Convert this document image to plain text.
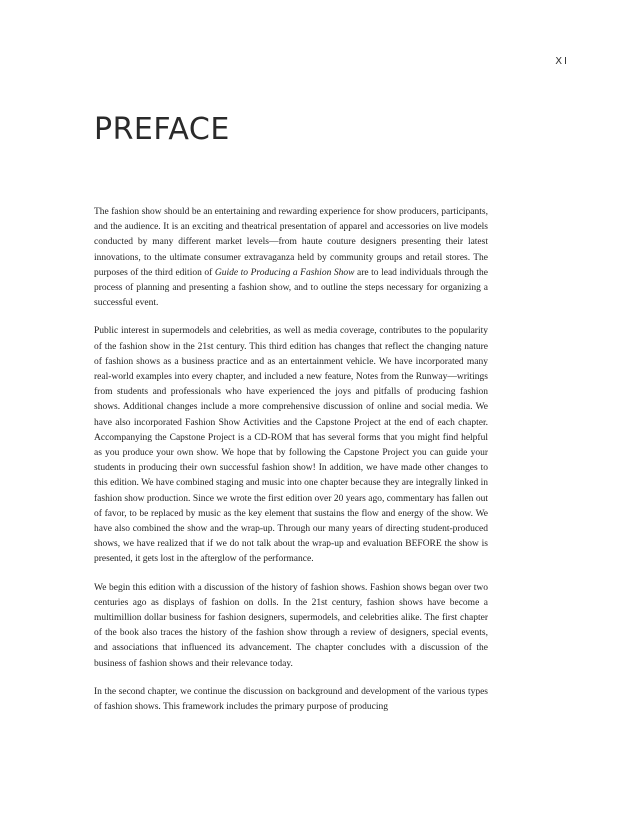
XI
PREFACE

The fashion show should be an entertaining and rewarding experience for show producers, participants, and the audience. It is an exciting and theatrical presentation of apparel and accessories on live models conducted by many different market levels—from haute couture designers presenting their latest innovations, to the ultimate consumer extravaganza held by community groups and retail stores. The purposes of the third edition of Guide to Producing a Fashion Show are to lead individuals through the process of planning and presenting a fashion show, and to outline the steps necessary for organizing a successful event.

Public interest in supermodels and celebrities, as well as media coverage, contributes to the popularity of the fashion show in the 21st century. This third edition has changes that reflect the changing nature of fashion shows as a business practice and as an entertainment vehicle. We have incorporated many real-world examples into every chapter, and included a new feature, Notes from the Runway—writings from students and professionals who have experienced the joys and pitfalls of producing fashion shows. Additional changes include a more comprehensive discussion of online and social media. We have also incorporated Fashion Show Activities and the Capstone Project at the end of each chapter. Accompanying the Capstone Project is a CD-ROM that has several forms that you might find helpful as you produce your own show. We hope that by following the Capstone Project you can guide your students in producing their own successful fashion show! In addition, we have made other changes to this edition. We have combined staging and music into one chapter because they are integrally linked in fashion show production. Since we wrote the first edition over 20 years ago, commentary has fallen out of favor, to be replaced by music as the key element that sustains the flow and energy of the show. We have also combined the show and the wrap-up. Through our many years of directing student-produced shows, we have realized that if we do not talk about the wrap-up and evaluation BEFORE the show is presented, it gets lost in the afterglow of the performance.

We begin this edition with a discussion of the history of fashion shows. Fashion shows began over two centuries ago as displays of fashion on dolls. In the 21st century, fashion shows have become a multimillion dollar business for fashion designers, supermodels, and celebrities alike. The first chapter of the book also traces the history of the fashion show through a review of designers, special events, and associations that influenced its advancement. The chapter concludes with a discussion of the business of fashion shows and their relevance today.

In the second chapter, we continue the discussion on background and development of the various types of fashion shows. This framework includes the primary purpose of producing
